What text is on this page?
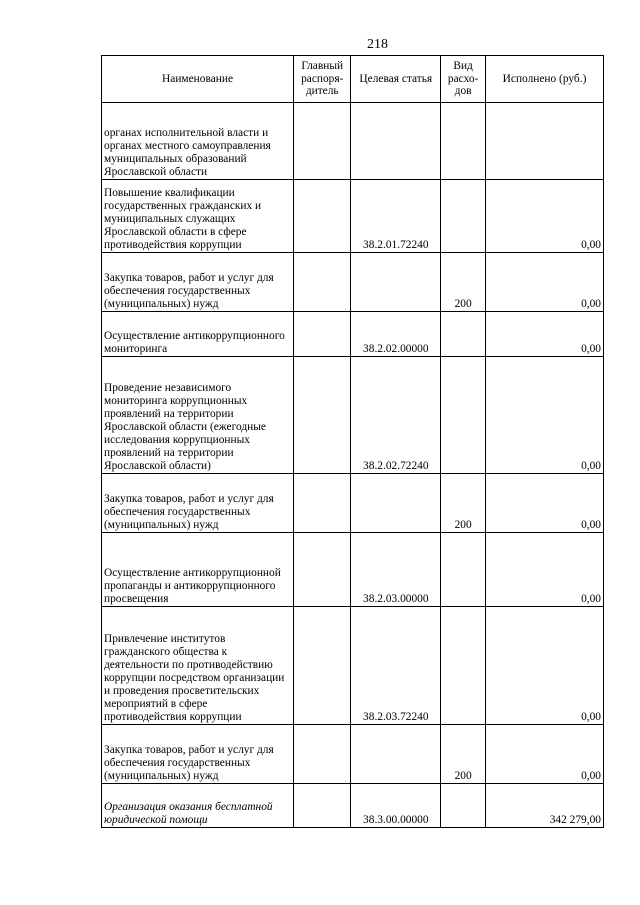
218
Наименование	Главный распоря- дитель	Целевая статья	Вид расхо- дов	Исполнено (руб.)
органах исполнительной власти и органах местного самоуправления муниципальных образований Ярославской области				
Повышение квалификации государственных гражданских и муниципальных служащих Ярославской области в сфере противодействия коррупции		38.2.01.72240		0,00
Закупка товаров, работ и услуг для обеспечения государственных (муниципальных) нужд			200	0,00
Осуществление антикоррупционного мониторинга		38.2.02.00000		0,00
Проведение независимого мониторинга коррупционных проявлений на территории Ярославской области (ежегодные исследования коррупционных проявлений на территории Ярославской области)		38.2.02.72240		0,00
Закупка товаров, работ и услуг для обеспечения государственных (муниципальных) нужд			200	0,00
Осуществление антикоррупционной пропаганды и антикоррупционного просвещения		38.2.03.00000		0,00
Привлечение институтов гражданского общества к деятельности по противодействию коррупции посредством организации и проведения просветительских мероприятий в сфере противодействия коррупции		38.2.03.72240		0,00
Закупка товаров, работ и услуг для обеспечения государственных (муниципальных) нужд			200	0,00
Организация оказания бесплатной юридической помощи		38.3.00.00000		342 279,00
